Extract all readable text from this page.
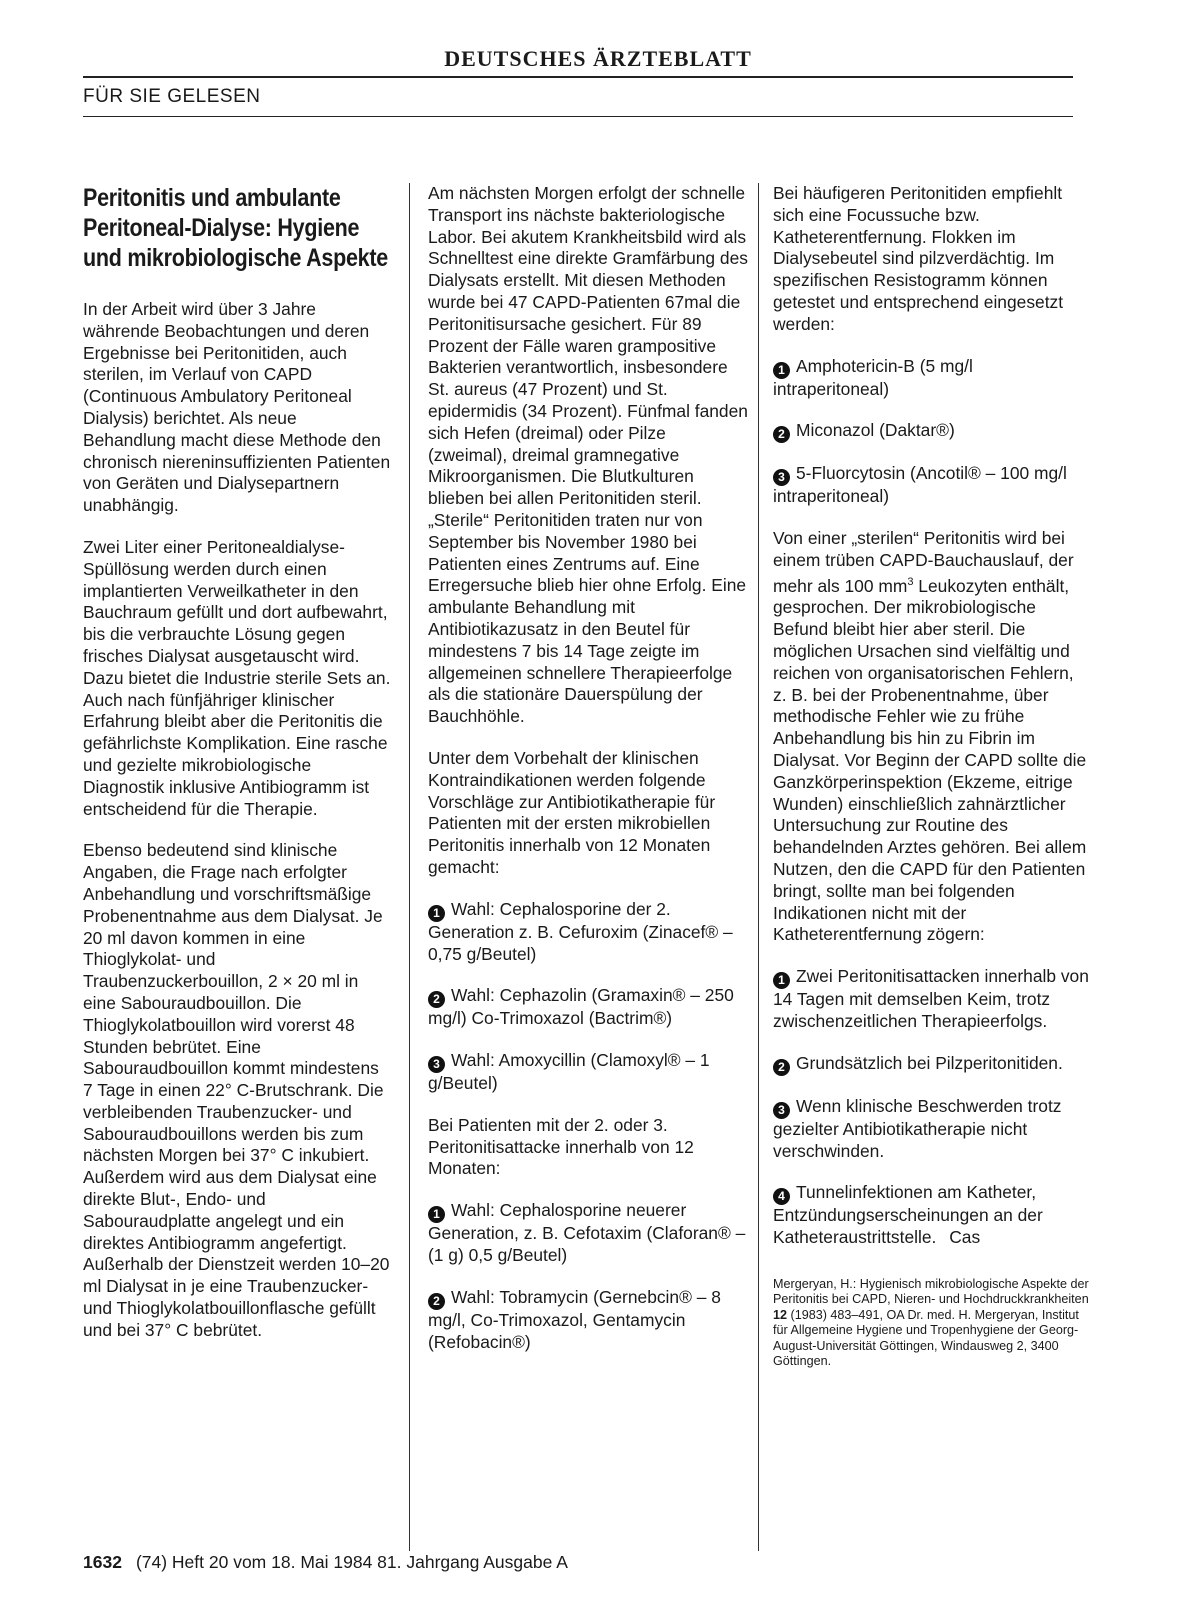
DEUTSCHES ÄRZTEBLATT
FÜR SIE GELESEN
Peritonitis und ambulante Peritoneal-Dialyse: Hygiene und mikrobiologische Aspekte

In der Arbeit wird über 3 Jahre währende Beobachtungen und deren Ergebnisse bei Peritonitiden, auch sterilen, im Verlauf von CAPD (Continuous Ambulatory Peritoneal Dialysis) berichtet. Als neue Behandlung macht diese Methode den chronisch niereninsuffizienten Patienten von Geräten und Dialysepartnern unabhängig.

Zwei Liter einer Peritonealdialyse-Spüllösung werden durch einen implantierten Verweilkatheter in den Bauchraum gefüllt und dort aufbewahrt, bis die verbrauchte Lösung gegen frisches Dialysat ausgetauscht wird. Dazu bietet die Industrie sterile Sets an. Auch nach fünfjähriger klinischer Erfahrung bleibt aber die Peritonitis die gefährlichste Komplikation. Eine rasche und gezielte mikrobiologische Diagnostik inklusive Antibiogramm ist entscheidend für die Therapie.

Ebenso bedeutend sind klinische Angaben, die Frage nach erfolgter Anbehandlung und vorschriftsmäßige Probenentnahme aus dem Dialysat. Je 20 ml davon kommen in eine Thioglykolat- und Traubenzuckerbouillon, 2 × 20 ml in eine Sabouraudbouillon. Die Thioglykolatbouillon wird vorerst 48 Stunden bebrütet. Eine Sabouraudbouillon kommt mindestens 7 Tage in einen 22° C-Brutschrank. Die verbleibenden Traubenzucker- und Sabouraudbouillons werden bis zum nächsten Morgen bei 37° C inkubiert. Außerdem wird aus dem Dialysat eine direkte Blut-, Endo- und Sabouraudplatte angelegt und ein direktes Antibiogramm angefertigt. Außerhalb der Dienstzeit werden 10–20 ml Dialysat in je eine Traubenzucker- und Thioglykolatbouillonflasche gefüllt und bei 37° C bebrütet.

Am nächsten Morgen erfolgt der schnelle Transport ins nächste bakteriologische Labor. Bei akutem Krankheitsbild wird als Schnelltest eine direkte Gramfärbung des Dialysats erstellt. Mit diesen Methoden wurde bei 47 CAPD-Patienten 67mal die Peritonitisursache gesichert. Für 89 Prozent der Fälle waren grampositive Bakterien verantwortlich, insbesondere St. aureus (47 Prozent) und St. epidermidis (34 Prozent). Fünfmal fanden sich Hefen (dreimal) oder Pilze (zweimal), dreimal gramnegative Mikroorganismen. Die Blutkulturen blieben bei allen Peritonitiden steril. „Sterile“ Peritonitiden traten nur von September bis November 1980 bei Patienten eines Zentrums auf. Eine Erregersuche blieb hier ohne Erfolg. Eine ambulante Behandlung mit Antibiotikazusatz in den Beutel für mindestens 7 bis 14 Tage zeigte im allgemeinen schnellere Therapieerfolge als die stationäre Dauerspülung der Bauchhöhle.

Unter dem Vorbehalt der klinischen Kontraindikationen werden folgende Vorschläge zur Antibiotikatherapie für Patienten mit der ersten mikrobiellen Peritonitis innerhalb von 12 Monaten gemacht:

1 Wahl: Cephalosporine der 2. Generation z. B. Cefuroxim (Zinacef® – 0,75 g/Beutel)

2 Wahl: Cephazolin (Gramaxin® – 250 mg/l) Co-Trimoxazol (Bactrim®)

3 Wahl: Amoxycillin (Clamoxyl® – 1 g/Beutel)

Bei Patienten mit der 2. oder 3. Peritonitisattacke innerhalb von 12 Monaten:

1 Wahl: Cephalosporine neuerer Generation, z. B. Cefotaxim (Claforan® – (1 g) 0,5 g/Beutel)

2 Wahl: Tobramycin (Gernebcin® – 8 mg/l, Co-Trimoxazol, Gentamycin (Refobacin®)

Bei häufigeren Peritonitiden empfiehlt sich eine Focussuche bzw. Katheterentfernung. Flokken im Dialysebeutel sind pilzverdächtig. Im spezifischen Resistogramm können getestet und entsprechend eingesetzt werden:

1 Amphotericin-B (5 mg/l intraperitoneal)

2 Miconazol (Daktar®)

3 5-Fluorcytosin (Ancotil® – 100 mg/l intraperitoneal)

Von einer „sterilen“ Peritonitis wird bei einem trüben CAPD-Bauchauslauf, der mehr als 100 $mm^3$ Leukozyten enthält, gesprochen. Der mikrobiologische Befund bleibt hier aber steril. Die möglichen Ursachen sind vielfältig und reichen von organisatorischen Fehlern, z. B. bei der Probenentnahme, über methodische Fehler wie zu frühe Anbehandlung bis hin zu Fibrin im Dialysat. Vor Beginn der CAPD sollte die Ganzkörperinspektion (Ekzeme, eitrige Wunden) einschließlich zahnärztlicher Untersuchung zur Routine des behandelnden Arztes gehören. Bei allem Nutzen, den die CAPD für den Patienten bringt, sollte man bei folgenden Indikationen nicht mit der Katheterentfernung zögern:

1 Zwei Peritonitisattacken innerhalb von 14 Tagen mit demselben Keim, trotz zwischenzeitlichen Therapieerfolgs.

2 Grundsätzlich bei Pilzperitonitiden.

3 Wenn klinische Beschwerden trotz gezielter Antibiotikatherapie nicht verschwinden.

4 Tunnelinfektionen am Katheter, Entzündungserscheinungen an der Katheteraustrittstelle. Cas

Mergeryan, H.: Hygienisch mikrobiologische Aspekte der Peritonitis bei CAPD, Nieren- und Hochdruckkrankheiten 12 (1983) 483–491, OA Dr. med. H. Mergeryan, Institut für Allgemeine Hygiene und Tropenhygiene der Georg-August-Universität Göttingen, Windausweg 2, 3400 Göttingen.
1632 (74) Heft 20 vom 18. Mai 1984 81. Jahrgang Ausgabe A
